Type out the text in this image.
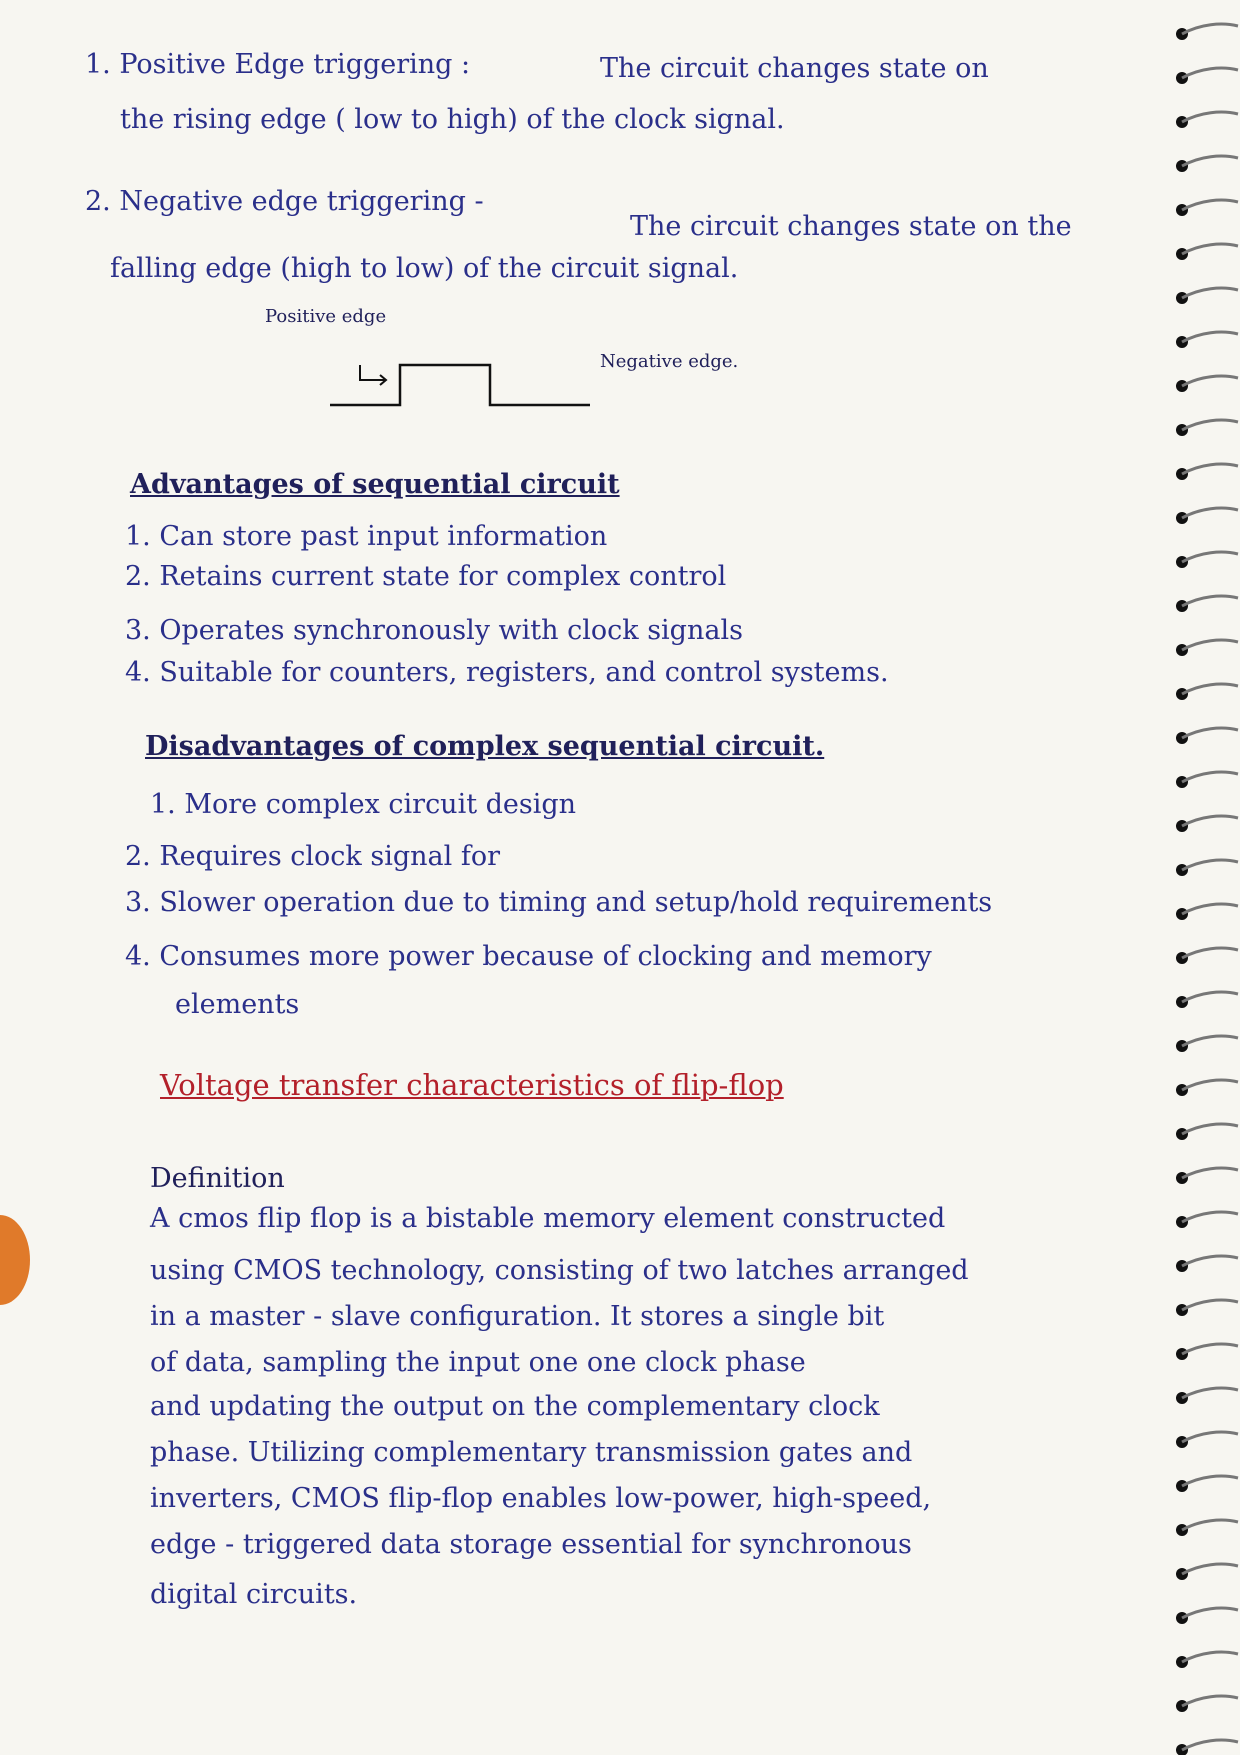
1. Positive Edge triggering :	The circuit changes state on
the rising edge ( low to high) of the clock signal.
2. Negative edge triggering -
The circuit changes state on the
falling edge (high to low) of the circuit signal.
Positive edge
Negative edge.
Advantages of sequential circuit
1. Can store past input information
2. Retains current state for complex control
3. Operates synchronously with clock signals
4. Suitable for counters, registers, and control systems.
Disadvantages of complex sequential circuit.
1. More complex circuit design
2. Requires clock signal for
3. Slower operation due to timing and setup/hold requirements
4. Consumes more power because of clocking and memory
elements
Voltage transfer characteristics of flip-flop
Definition
A cmos flip flop is a bistable memory element constructed
using CMOS technology, consisting of two latches arranged
in a master - slave configuration. It stores a single bit
of data, sampling the input one one clock phase
and updating the output on the complementary clock
phase. Utilizing complementary transmission gates and
inverters, CMOS flip-flop enables low-power, high-speed,
edge - triggered data storage essential for synchronous
digital circuits.
